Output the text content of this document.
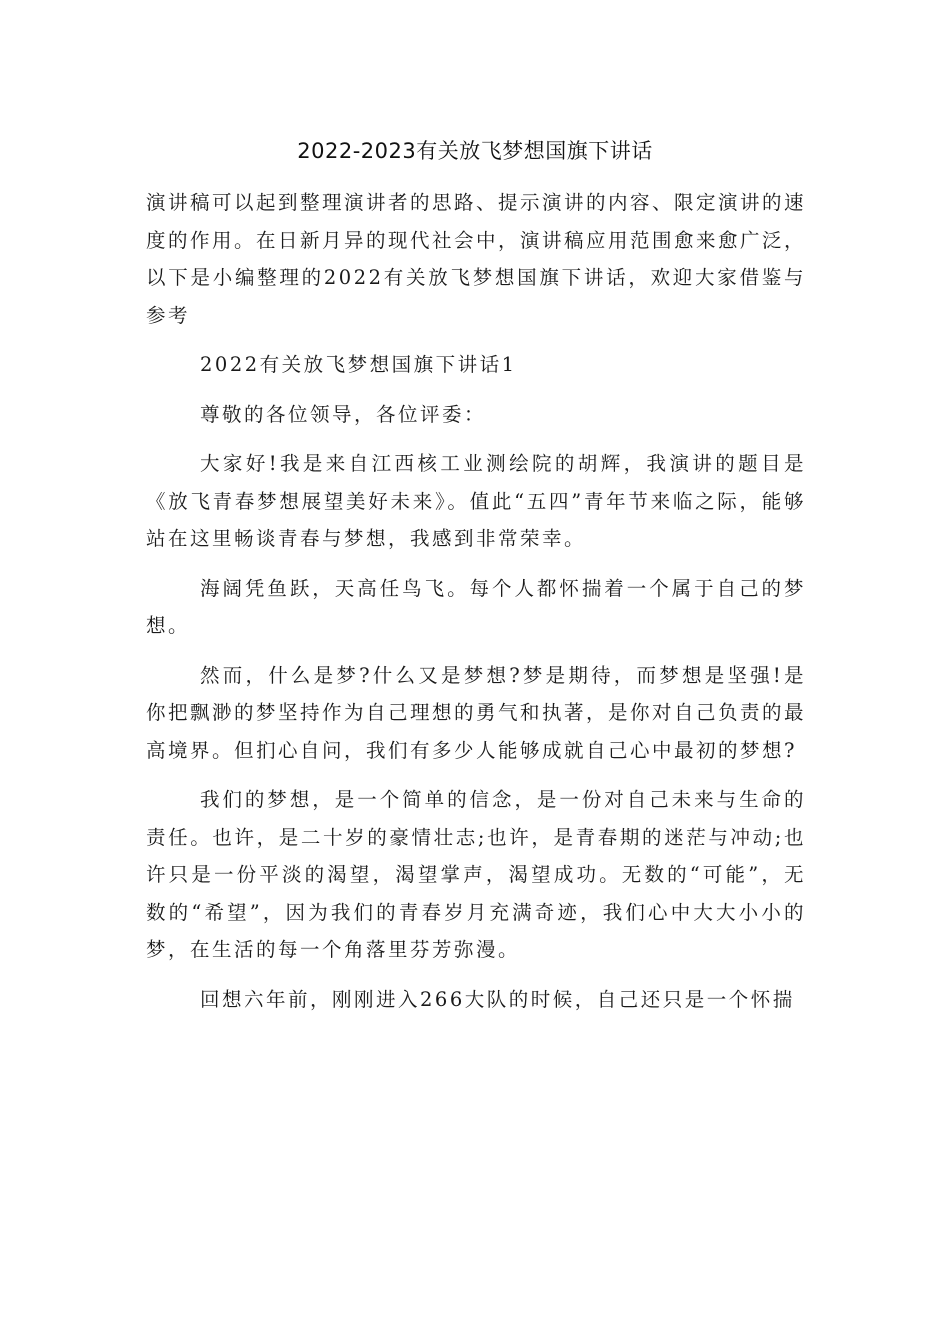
2022-2023有关放飞梦想国旗下讲话

演讲稿可以起到整理演讲者的思路、提示演讲的内容、限定演讲的速度的作用。在日新月异的现代社会中，演讲稿应用范围愈来愈广泛，以下是小编整理的2022有关放飞梦想国旗下讲话，欢迎大家借鉴与参考

2022有关放飞梦想国旗下讲话1

尊敬的各位领导，各位评委：

大家好!我是来自江西核工业测绘院的胡辉，我演讲的题目是《放飞青春梦想展望美好未来》。值此“五四”青年节来临之际，能够站在这里畅谈青春与梦想，我感到非常荣幸。

海阔凭鱼跃，天高任鸟飞。每个人都怀揣着一个属于自己的梦想。

然而，什么是梦?什么又是梦想?梦是期待，而梦想是坚强!是你把飘渺的梦坚持作为自己理想的勇气和执著，是你对自己负责的最高境界。但扪心自问，我们有多少人能够成就自己心中最初的梦想?

我们的梦想，是一个简单的信念，是一份对自己未来与生命的责任。也许，是二十岁的豪情壮志;也许，是青春期的迷茫与冲动;也许只是一份平淡的渴望，渴望掌声，渴望成功。无数的“可能”，无数的“希望”，因为我们的青春岁月充满奇迹，我们心中大大小小的梦，在生活的每一个角落里芬芳弥漫。

回想六年前，刚刚进入266大队的时候，自己还只是一个怀揣
